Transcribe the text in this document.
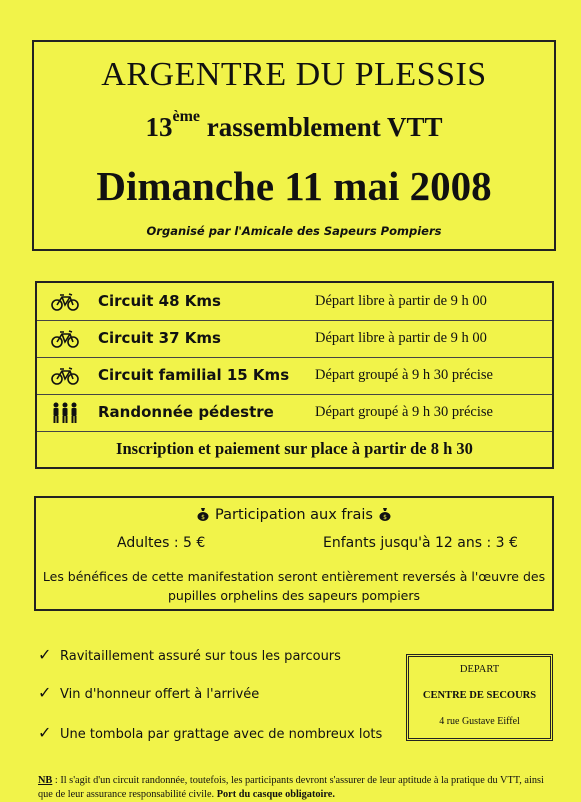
ARGENTRE DU PLESSIS
13ème rassemblement VTT
Dimanche 11 mai 2008
Organisé par l'Amicale des Sapeurs Pompiers
Circuit 48 Kms	Départ libre à partir de 9 h 00
Circuit 37 Kms	Départ libre à partir de 9 h 00
Circuit familial 15 Kms Départ groupé à 9 h 30 précise
Randonnée pédestre	Départ groupé à 9 h 30 précise
Inscription et paiement sur place à partir de 8 h 30
$ Participation aux frais $
Adultes : 5 €	Enfants jusqu'à 12 ans : 3 €
Les bénéfices de cette manifestation seront entièrement reversés à l'œuvre des pupilles orphelins des sapeurs pompiers
✓ Ravitaillement assuré sur tous les parcours
✓ Vin d'honneur offert à l'arrivée
✓ Une tombola par grattage avec de nombreux lots
DEPART
CENTRE DE SECOURS
4 rue Gustave Eiffel
NB : Il s'agit d'un circuit randonnée, toutefois, les participants devront s'assurer de leur aptitude à la pratique du VTT, ainsi que de leur assurance responsabilité civile. Port du casque obligatoire.
